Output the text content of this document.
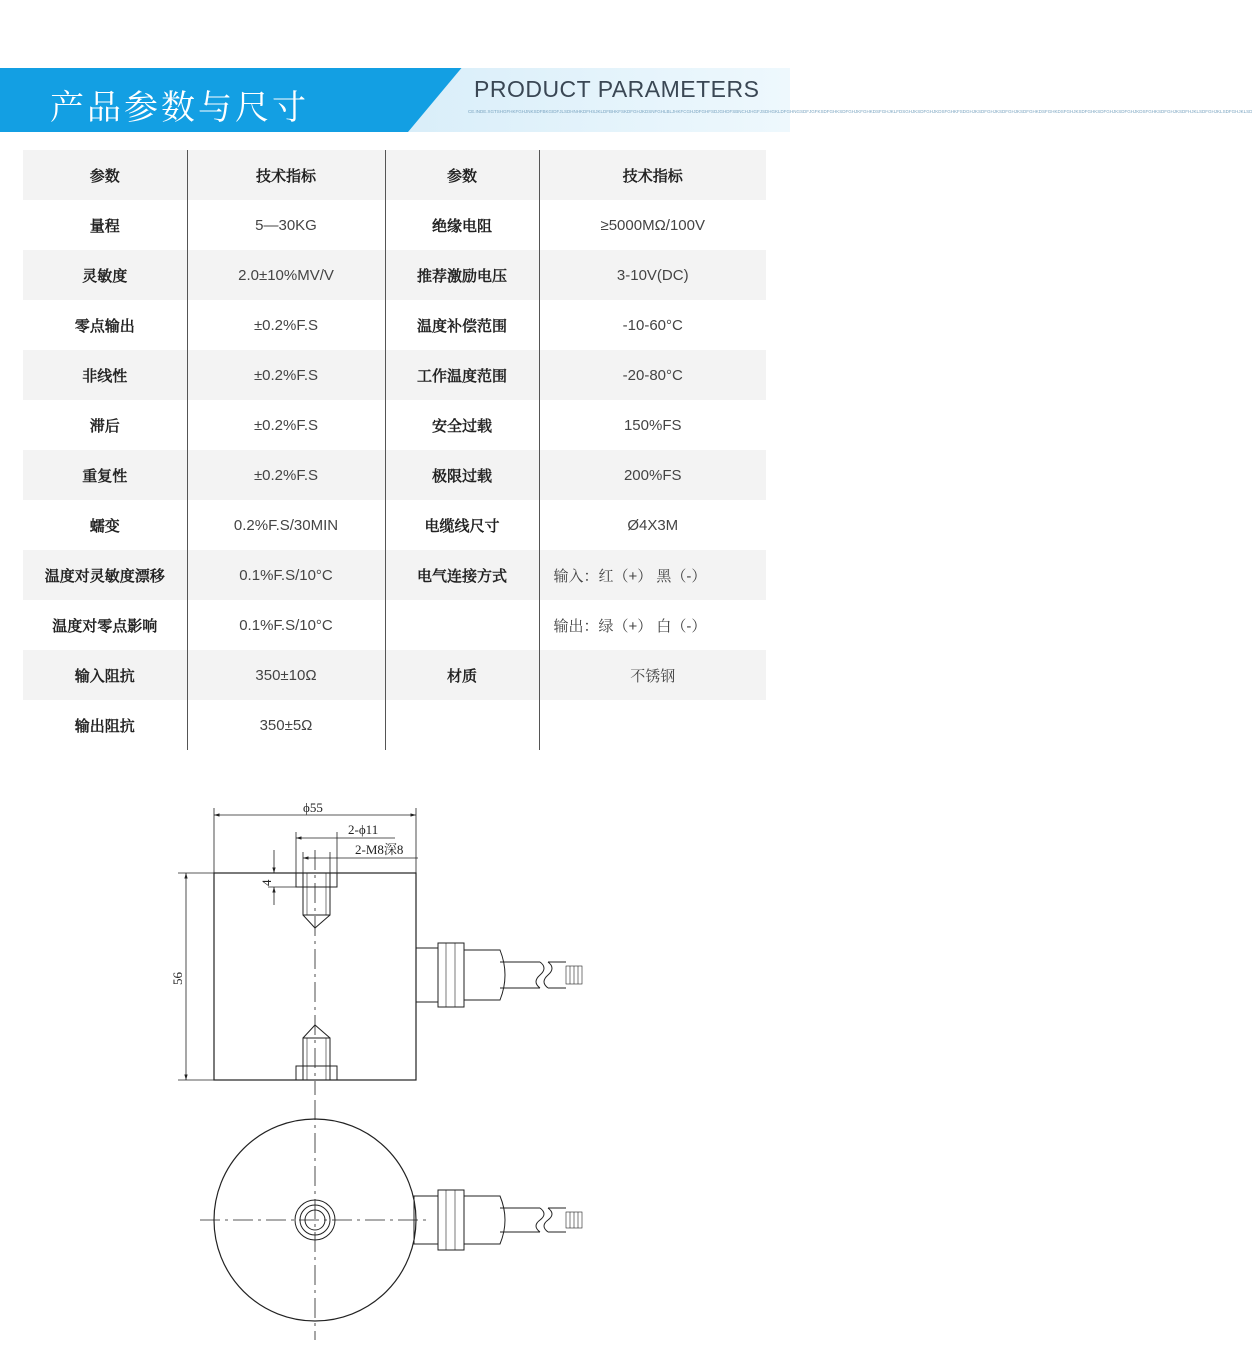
产品参数与尺寸	PRODUCT PARAMETERS
CE.INDE.XGTSHGFHKFGHJNKSDFBKGIDFJLSDHNHKDFHSJKLDFBHKFSKDFGHJKDSNFGHLBLJHKFCGHJDFGHFSDJGHDFSBNCHJHGFJSDHGKLDFGHNGSDFJGFKSDFGHKSDFGHJKFGHKDSFGHJKLFDSGHJKSDFGHJKDSFGHKFSDGHJKSDFGHJKSDFGHJKSDFGHKDSFGHKDSFGHJKSDFGHKSDFGHJKSDFGHJKDSFGHKSDFGHJKSDFHJKLSDFGHJKLSDFGHJKLSD
参数	技术指标	参数	技术指标
量程	5—30KG	绝缘电阻	≥5000MΩ/100V
灵敏度	2.0±10%MV/V	推荐激励电压	3-10V(DC)
零点输出	±0.2%F.S	温度补偿范围	-10-60°C
非线性	±0.2%F.S	工作温度范围	-20-80°C
滞后	±0.2%F.S	安全过载	150%FS
重复性	±0.2%F.S	极限过载	200%FS
蠕变	0.2%F.S/30MIN	电缆线尺寸	Ø4X3M
温度对灵敏度漂移	0.1%F.S/10°C	电气连接方式	输入：红（+） 黑（-）
温度对零点影响	0.1%F.S/10°C		输出：绿（+） 白（-）
输入阻抗	350±10Ω	材质	不锈钢
输出阻抗	350±5Ω		
ϕ55
2-ϕ11
2-M8深8
56
4
